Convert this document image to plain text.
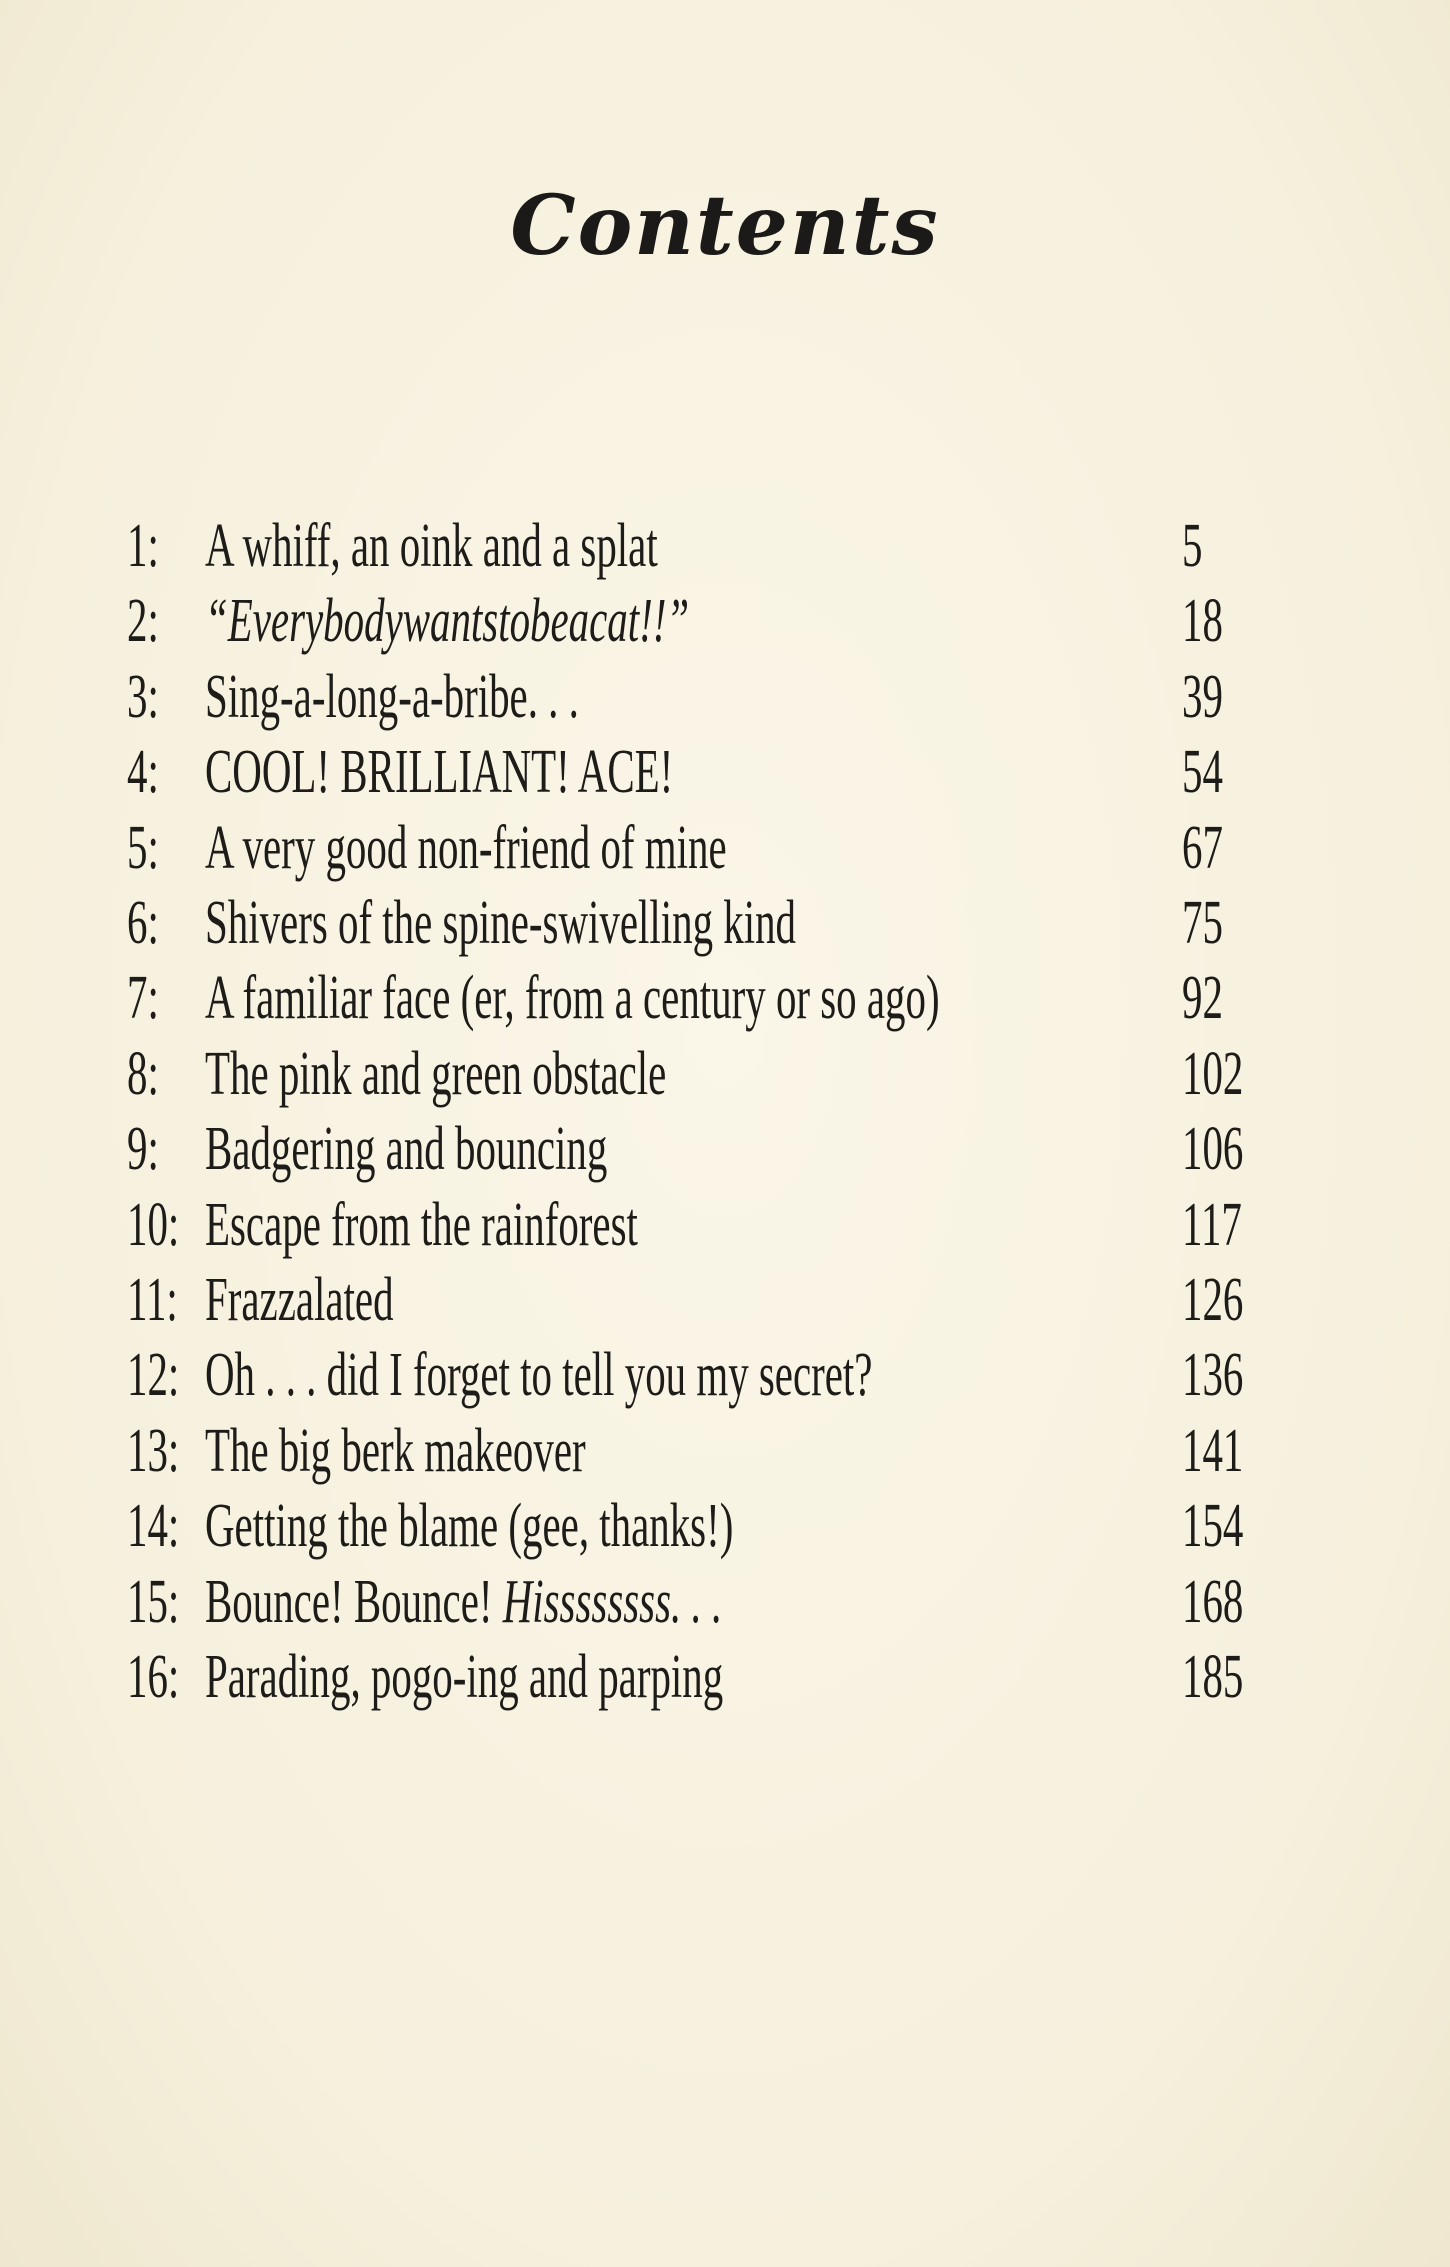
Contents
1: A whiff, an oink and a splat	5
2: “Everybodywantstobeacat!!”	18
3: Sing-a-long-a-bribe. . .	39
4: COOL! BRILLIANT! ACE!	54
5: A very good non-friend of mine	67
6: Shivers of the spine-swivelling kind	75
7: A familiar face (er, from a century or so ago)	92
8: The pink and green obstacle	102
9: Badgering and bouncing	106
10: Escape from the rainforest	117
11: Frazzalated	126
12: Oh . . . did I forget to tell you my secret?	136
13: The big berk makeover	141
14: Getting the blame (gee, thanks!)	154
15: Bounce! Bounce! Hissssssss. . .	168
16: Parading, pogo-ing and parping	185
